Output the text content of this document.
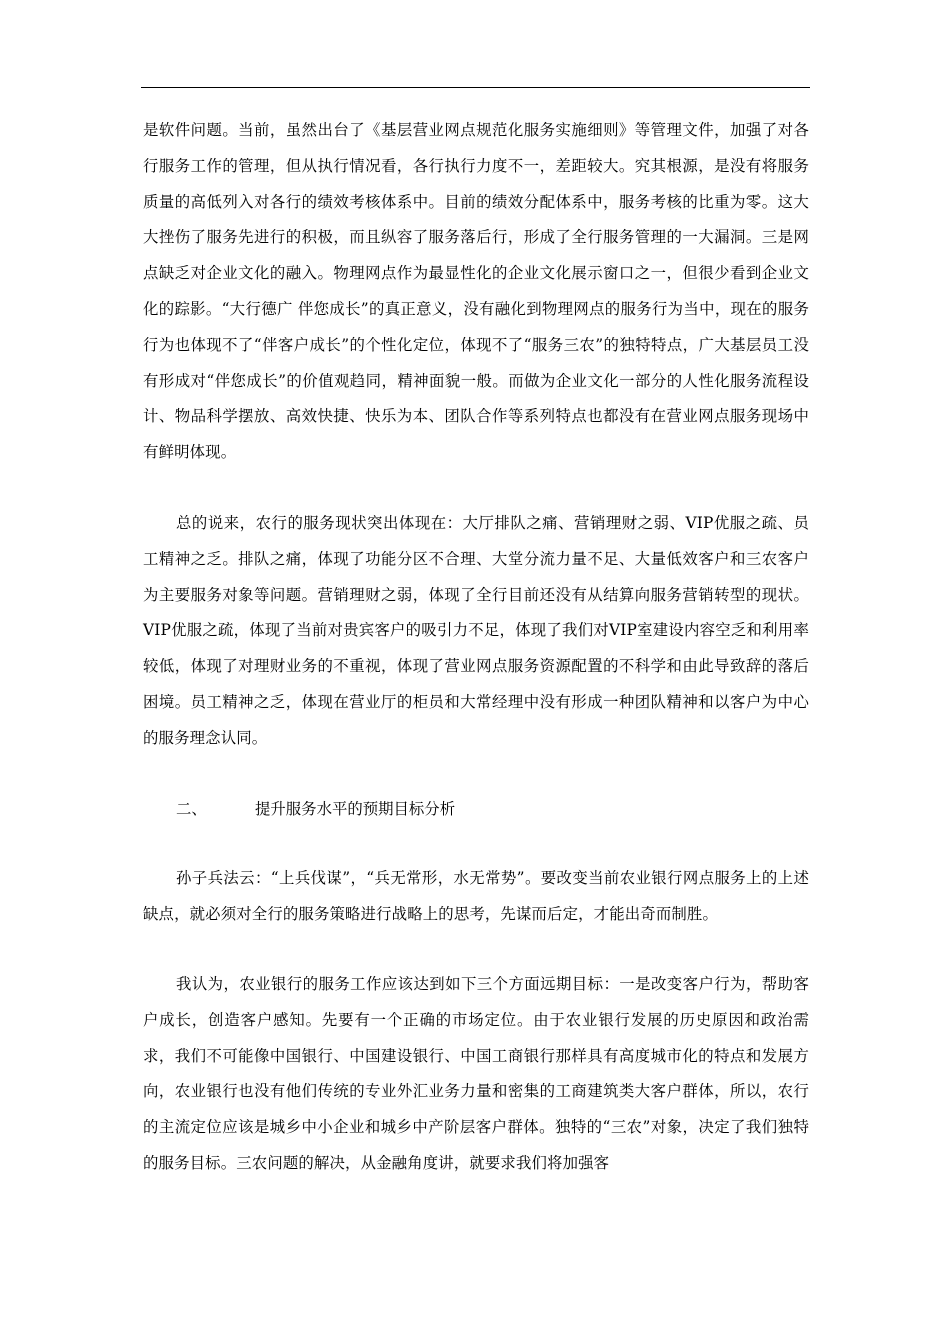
是软件问题。当前，虽然出台了《基层营业网点规范化服务实施细则》等管理文件，加强了对各行服务工作的管理，但从执行情况看，各行执行力度不一，差距较大。究其根源，是没有将服务质量的高低列入对各行的绩效考核体系中。目前的绩效分配体系中，服务考核的比重为零。这大大挫伤了服务先进行的积极，而且纵容了服务落后行，形成了全行服务管理的一大漏洞。三是网点缺乏对企业文化的融入。物理网点作为最显性化的企业文化展示窗口之一，但很少看到企业文化的踪影。“大行德广 伴您成长”的真正意义，没有融化到物理网点的服务行为当中，现在的服务行为也体现不了“伴客户成长”的个性化定位，体现不了“服务三农”的独特特点，广大基层员工没有形成对“伴您成长”的价值观趋同，精神面貌一般。而做为企业文化一部分的人性化服务流程设计、物品科学摆放、高效快捷、快乐为本、团队合作等系列特点也都没有在营业网点服务现场中有鲜明体现。

总的说来，农行的服务现状突出体现在：大厅排队之痛、营销理财之弱、VIP优服之疏、员工精神之乏。排队之痛，体现了功能分区不合理、大堂分流力量不足、大量低效客户和三农客户为主要服务对象等问题。营销理财之弱，体现了全行目前还没有从结算向服务营销转型的现状。VIP优服之疏，体现了当前对贵宾客户的吸引力不足，体现了我们对VIP室建设内容空乏和利用率较低，体现了对理财业务的不重视，体现了营业网点服务资源配置的不科学和由此导致辞的落后困境。员工精神之乏，体现在营业厅的柜员和大常经理中没有形成一种团队精神和以客户为中心的服务理念认同。

二、	提升服务水平的预期目标分析

孙子兵法云：“上兵伐谋”，“兵无常形，水无常势”。要改变当前农业银行网点服务上的上述缺点，就必须对全行的服务策略进行战略上的思考，先谋而后定，才能出奇而制胜。

我认为，农业银行的服务工作应该达到如下三个方面远期目标：一是改变客户行为，帮助客户成长，创造客户感知。先要有一个正确的市场定位。由于农业银行发展的历史原因和政治需求，我们不可能像中国银行、中国建设银行、中国工商银行那样具有高度城市化的特点和发展方向，农业银行也没有他们传统的专业外汇业务力量和密集的工商建筑类大客户群体，所以，农行的主流定位应该是城乡中小企业和城乡中产阶层客户群体。独特的“三农”对象，决定了我们独特的服务目标。三农问题的解决，从金融角度讲，就要求我们将加强客
